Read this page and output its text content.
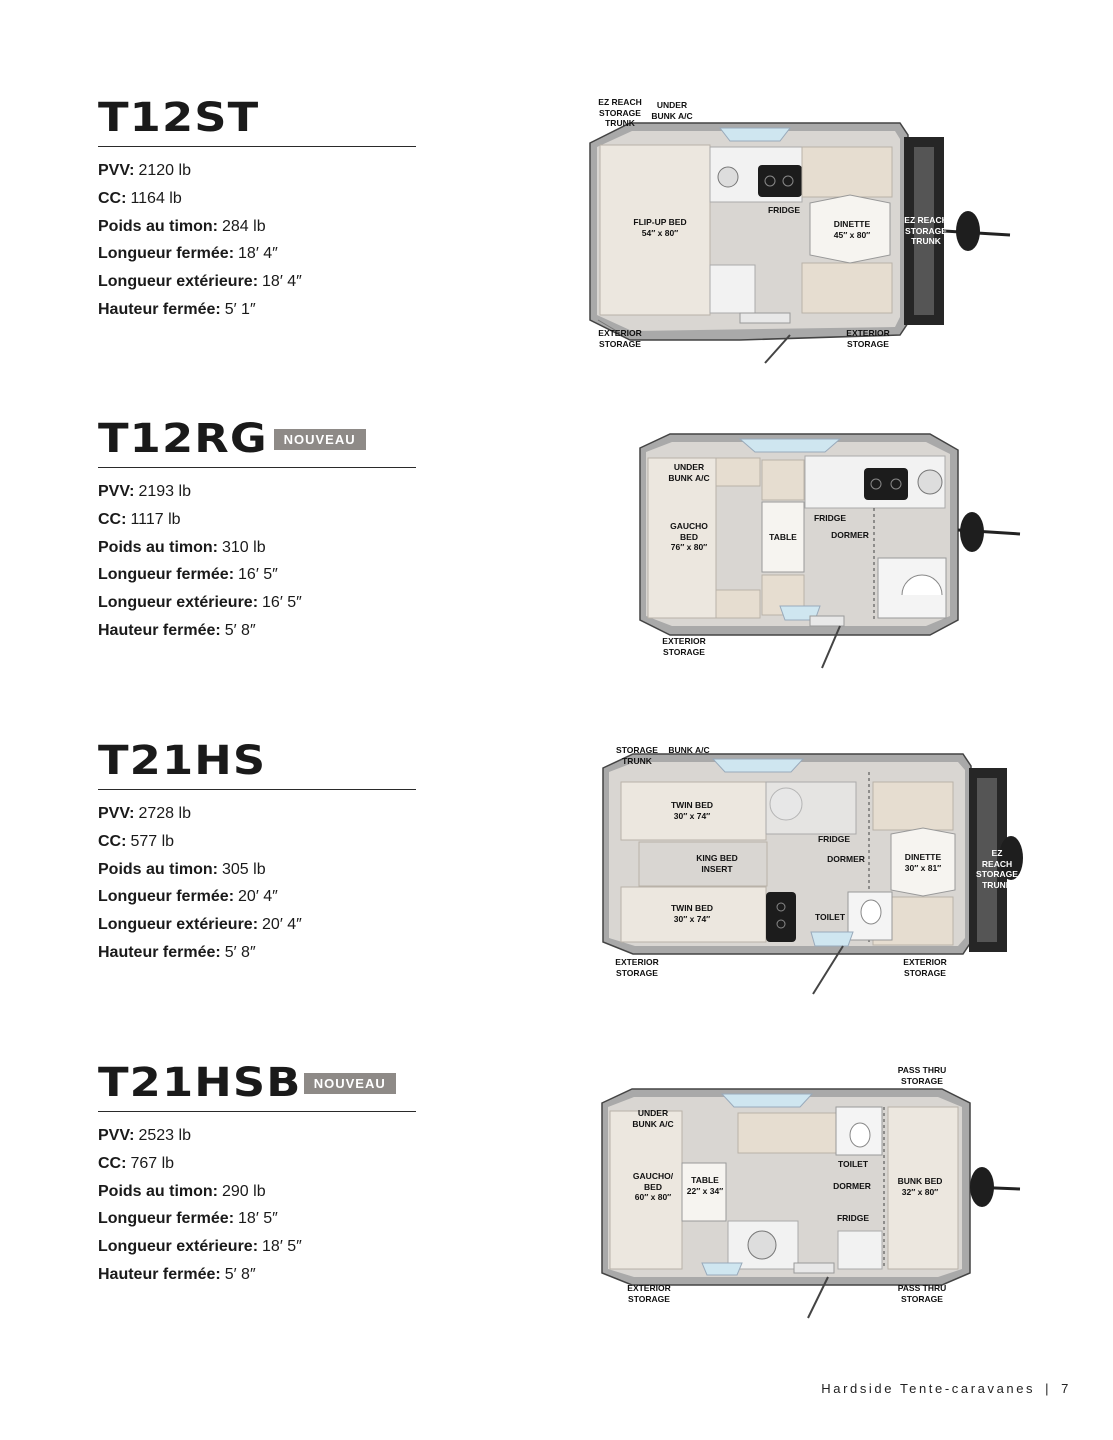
T12ST
PVV: 2120 lb
CC: 1164 lb
Poids au timon: 284 lb
Longueur fermée: 18′ 4″
Longueur extérieure: 18′ 4″
Hauteur fermée: 5′ 1″
EZ REACH
STORAGE
TRUNK
UNDER
BUNK A/C
FLIP-UP BED
54″ x 80″
FRIDGE
DINETTE
45″ x 80″
EZ REACH
STORAGE
TRUNK
EXTERIOR
STORAGE
EXTERIOR
STORAGE
T12RG	NOUVEAU
PVV: 2193 lb
CC: 1117 lb
Poids au timon: 310 lb
Longueur fermée: 16′ 5″
Longueur extérieure: 16′ 5″
Hauteur fermée: 5′ 8″
UNDER
BUNK A/C
GAUCHO
BED
76″ x 80″
TABLE
FRIDGE
DORMER
EXTERIOR
STORAGE
T21HS
PVV: 2728 lb
CC: 577 lb
Poids au timon: 305 lb
Longueur fermée: 20′ 4″
Longueur extérieure: 20′ 4″
Hauteur fermée: 5′ 8″
STORAGE
TRUNK
BUNK A/C
TWIN BED
30″ x 74″
FRIDGE
KING BED
INSERT
DORMER	DINETTE
30″ x 81″
EZ REACH
STORAGE
TRUNK
TWIN BED
30″ x 74″	TOILET
EXTERIOR
STORAGE
EXTERIOR
STORAGE
T21HSB NOUVEAU
PVV: 2523 lb
CC: 767 lb
Poids au timon: 290 lb
Longueur fermée: 18′ 5″
Longueur extérieure: 18′ 5″
Hauteur fermée: 5′ 8″
PASS THRU
STORAGE
UNDER
BUNK A/C
TOILET
GAUCHO/
BED
60″ x 80″
TABLE
22″ x 34″	DORMER	BUNK BED
32″ x 80″
FRIDGE
EXTERIOR
STORAGE
PASS THRU
STORAGE
Hardside Tente-caravanes | 7
